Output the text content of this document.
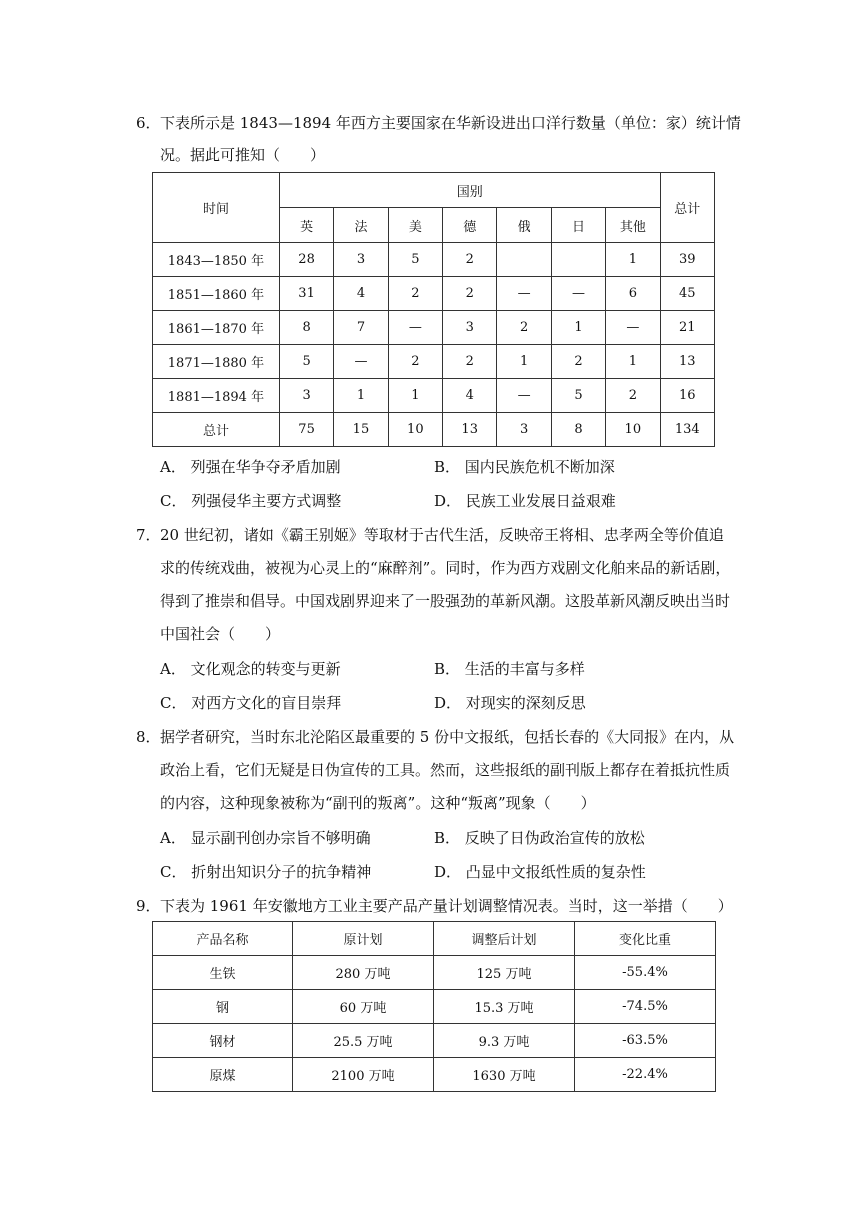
6． 下表所示是 1843—1894 年西方主要国家在华新设进出口洋行数量（单位：家）统计情
况。据此可推知（　　）
时间	国别							总计
	英	法	美	德	俄	日	其他	
1843—1850 年	28	3	5	2			1	39
1851—1860 年	31	4	2	2	—	—	6	45
1861—1870 年	8	7	—	3	2	1	—	21
1871—1880 年	5	—	2	2	1	2	1	13
1881—1894 年	3	1	1	4	—	5	2	16
总计	75	15	10	13	3	8	10	134
A． 列强在华争夺矛盾加剧	B． 国内民族危机不断加深
C． 列强侵华主要方式调整	D． 民族工业发展日益艰难
7． 20 世纪初，诸如《霸王别姬》等取材于古代生活，反映帝王将相、忠孝两全等价值追
求的传统戏曲，被视为心灵上的“麻醉剂”。同时，作为西方戏剧文化舶来品的新话剧，
得到了推崇和倡导。中国戏剧界迎来了一股强劲的革新风潮。这股革新风潮反映出当时
中国社会（　　）
A． 文化观念的转变与更新	B． 生活的丰富与多样
C． 对西方文化的盲目崇拜	D． 对现实的深刻反思
8． 据学者研究，当时东北沦陷区最重要的 5 份中文报纸，包括长春的《大同报》在内，从
政治上看，它们无疑是日伪宣传的工具。然而，这些报纸的副刊版上都存在着抵抗性质
的内容，这种现象被称为“副刊的叛离”。这种“叛离”现象（　　）
A． 显示副刊创办宗旨不够明确	B． 反映了日伪政治宣传的放松
C． 折射出知识分子的抗争精神	D． 凸显中文报纸性质的复杂性
9． 下表为 1961 年安徽地方工业主要产品产量计划调整情况表。当时，这一举措（　　）
产品名称	原计划	调整后计划	变化比重
生铁	280 万吨	125 万吨	-55.4%
钢	60 万吨	15.3 万吨	-74.5%
钢材	25.5 万吨	9.3 万吨	-63.5%
原煤	2100 万吨	1630 万吨	-22.4%
